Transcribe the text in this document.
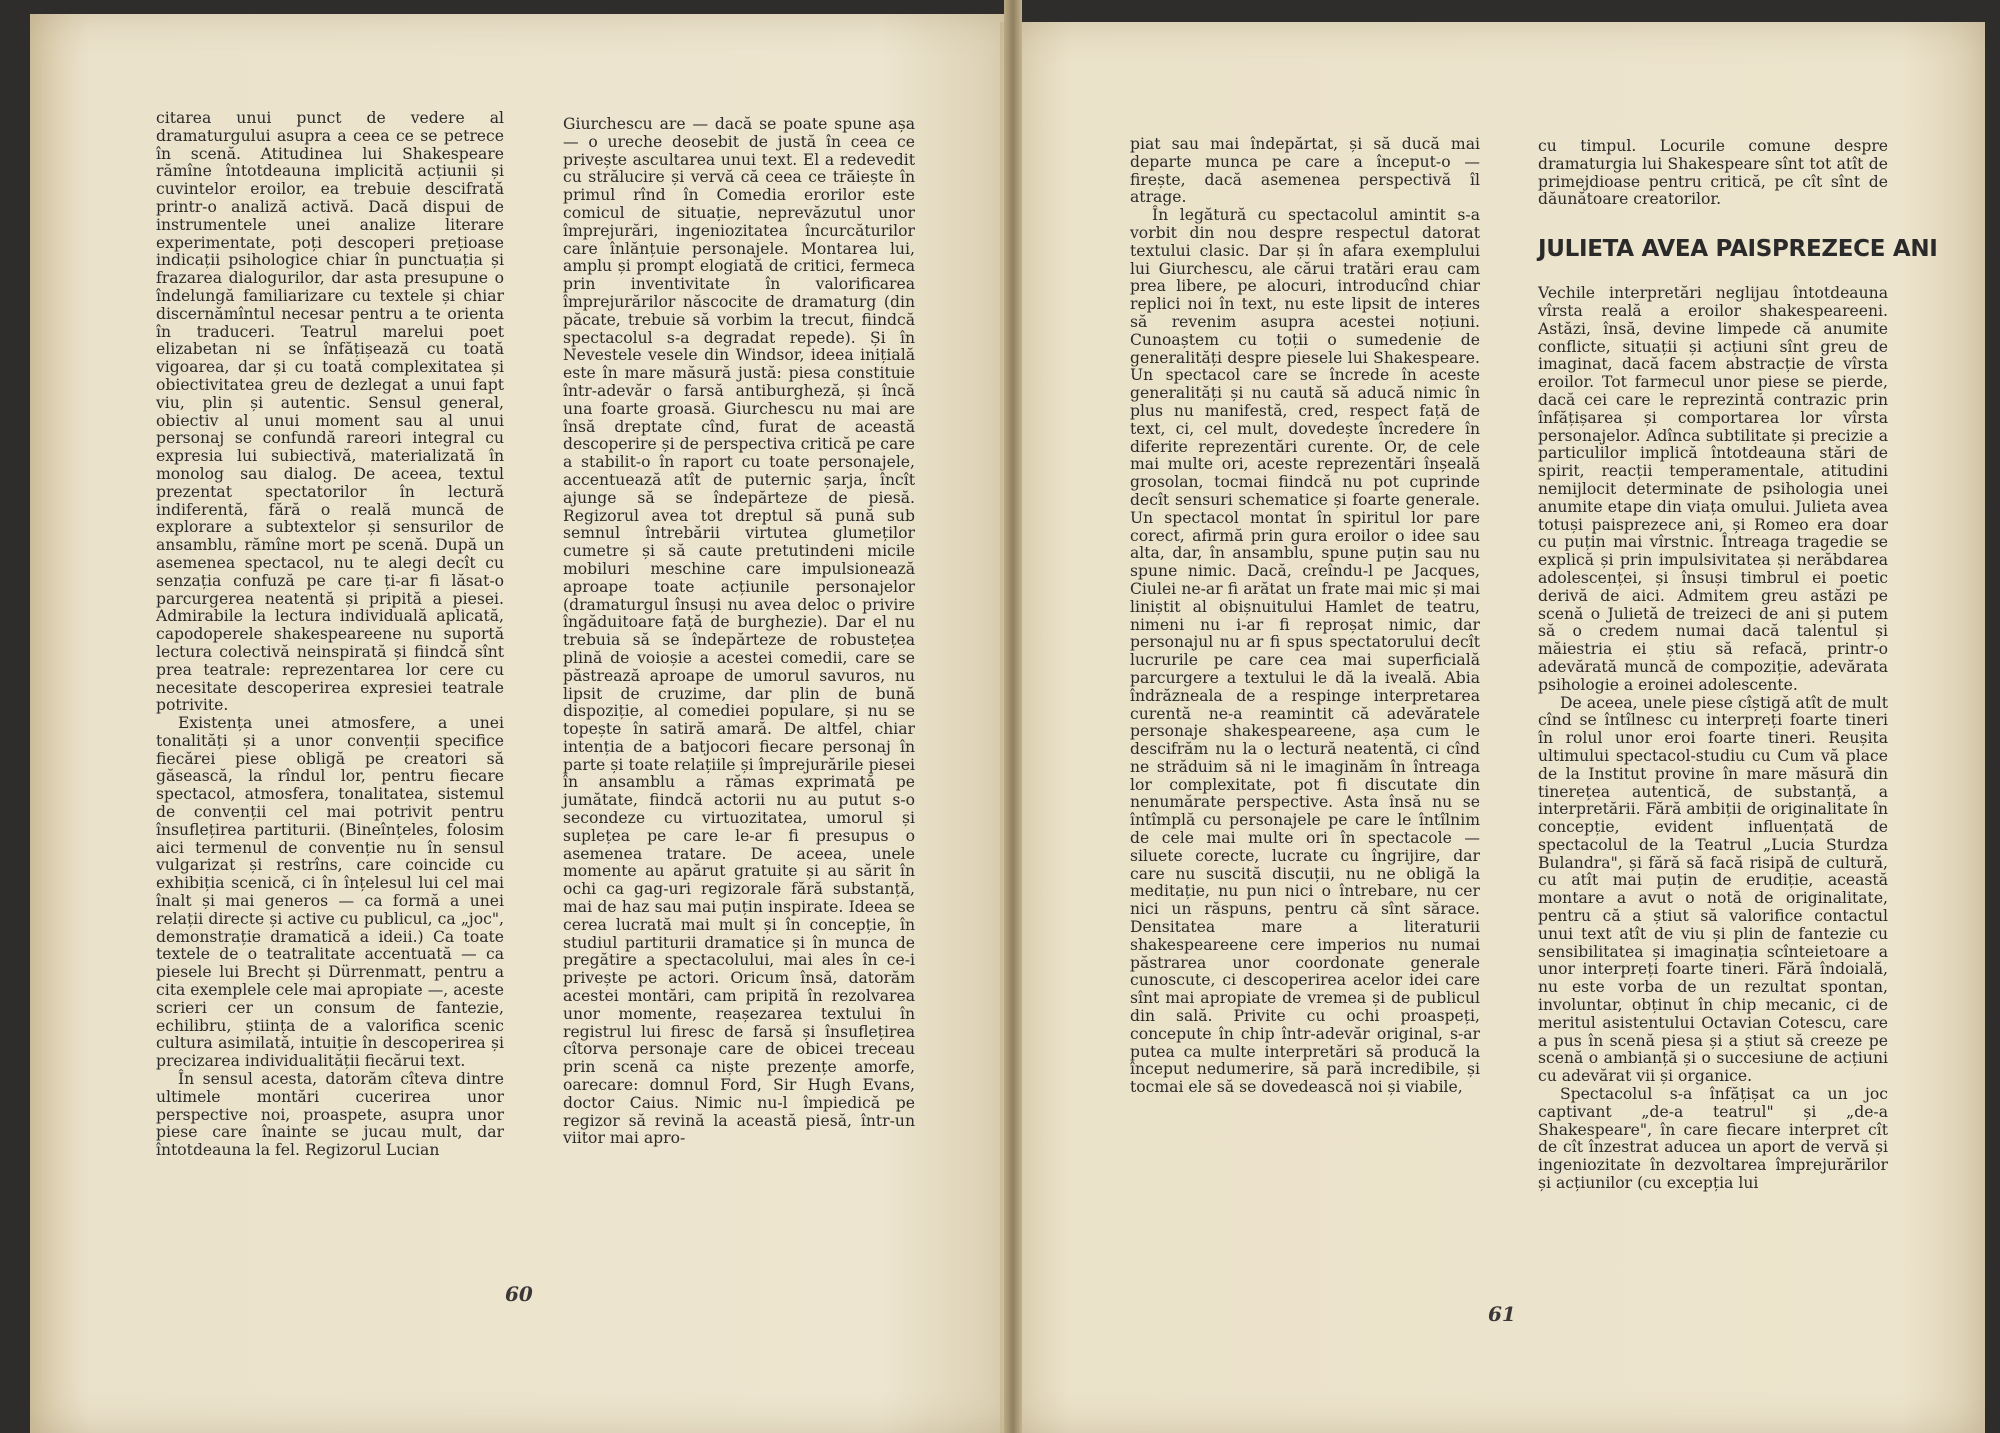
citarea unui punct de vedere al dramaturgului asupra a ceea ce se petrece în scenă. Atitudinea lui Shakespeare rămîne întotdeauna implicită acțiunii și cuvintelor eroilor, ea trebuie descifrată printr-o analiză activă. Dacă dispui de instrumentele unei analize literare experimentate, poți descoperi prețioase indicații psihologice chiar în punctuația și frazarea dialogurilor, dar asta presupune o îndelungă familiarizare cu textele și chiar discernămîntul necesar pentru a te orienta în traduceri. Teatrul marelui poet elizabetan ni se înfățișează cu toată vigoarea, dar și cu toată complexitatea și obiectivitatea greu de dezlegat a unui fapt viu, plin și autentic. Sensul general, obiectiv al unui moment sau al unui personaj se confundă rareori integral cu expresia lui subiectivă, materializată în monolog sau dialog. De aceea, textul prezentat spectatorilor în lectură indiferentă, fără o reală muncă de explorare a subtextelor și sensurilor de ansamblu, rămîne mort pe scenă. După un asemenea spectacol, nu te alegi decît cu senzația confuză pe care ți-ar fi lăsat-o parcurgerea neatentă și pripită a piesei. Admirabile la lectura individuală aplicată, capodoperele shakespeareene nu suportă lectura colectivă neinspirată și fiindcă sînt prea teatrale: reprezentarea lor cere cu necesitate descoperirea expresiei teatrale potrivite.

Existența unei atmosfere, a unei tonalități și a unor convenții specifice fiecărei piese obligă pe creatori să găsească, la rîndul lor, pentru fiecare spectacol, atmosfera, tonalitatea, sistemul de convenții cel mai potrivit pentru însuflețirea partiturii. (Bineînțeles, folosim aici termenul de convenție nu în sensul vulgarizat și restrîns, care coincide cu exhibiția scenică, ci în înțelesul lui cel mai înalt și mai generos — ca formă a unei relații directe și active cu publicul, ca „joc", demonstrație dramatică a ideii.) Ca toate textele de o teatralitate accentuată — ca piesele lui Brecht și Dürrenmatt, pentru a cita exemplele cele mai apropiate —, aceste scrieri cer un consum de fantezie, echilibru, știința de a valorifica scenic cultura asimilată, intuiție în descoperirea și precizarea individualității fiecărui text.

În sensul acesta, datorăm cîteva dintre ultimele montări cucerirea unor perspective noi, proaspete, asupra unor piese care înainte se jucau mult, dar întotdeauna la fel. Regizorul Lucian

Giurchescu are — dacă se poate spune așa — o ureche deosebit de justă în ceea ce privește ascultarea unui text. El a redevedit cu strălucire și vervă că ceea ce trăiește în primul rînd în Comedia erorilor este comicul de situație, neprevăzutul unor împrejurări, ingeniozitatea încurcăturilor care înlănțuie personajele. Montarea lui, amplu și prompt elogiată de critici, fermeca prin inventivitate în valorificarea împrejurărilor născocite de dramaturg (din păcate, trebuie să vorbim la trecut, fiindcă spectacolul s-a degradat repede). Și în Nevestele vesele din Windsor, ideea inițială este în mare măsură justă: piesa constituie într-adevăr o farsă antiburgheză, și încă una foarte groasă. Giurchescu nu mai are însă dreptate cînd, furat de această descoperire și de perspectiva critică pe care a stabilit-o în raport cu toate personajele, accentuează atît de puternic șarja, încît ajunge să se îndepărteze de piesă. Regizorul avea tot dreptul să pună sub semnul întrebării virtutea glumeților cumetre și să caute pretutindeni micile mobiluri meschine care impulsionează aproape toate acțiunile personajelor (dramaturgul însuși nu avea deloc o privire îngăduitoare față de burghezie). Dar el nu trebuia să se îndepărteze de robustețea plină de voioșie a acestei comedii, care se păstrează aproape de umorul savuros, nu lipsit de cruzime, dar plin de bună dispoziție, al comediei populare, și nu se topește în satiră amară. De altfel, chiar intenția de a batjocori fiecare personaj în parte și toate relațiile și împrejurările piesei în ansamblu a rămas exprimată pe jumătate, fiindcă actorii nu au putut s-o secondeze cu virtuozitatea, umorul și suplețea pe care le-ar fi presupus o asemenea tratare. De aceea, unele momente au apărut gratuite și au sărit în ochi ca gag-uri regizorale fără substanță, mai de haz sau mai puțin inspirate. Ideea se cerea lucrată mai mult și în concepție, în studiul partiturii dramatice și în munca de pregătire a spectacolului, mai ales în ce-i privește pe actori. Oricum însă, datorăm acestei montări, cam pripită în rezolvarea unor momente, reașezarea textului în registrul lui firesc de farsă și însuflețirea cîtorva personaje care de obicei treceau prin scenă ca niște prezențe amorfe, oarecare: domnul Ford, Sir Hugh Evans, doctor Caius. Nimic nu-l împiedică pe regizor să revină la această piesă, într-un viitor mai apro-

60

piat sau mai îndepărtat, și să ducă mai departe munca pe care a început-o — firește, dacă asemenea perspectivă îl atrage.

În legătură cu spectacolul amintit s-a vorbit din nou despre respectul datorat textului clasic. Dar și în afara exemplului lui Giurchescu, ale cărui tratări erau cam prea libere, pe alocuri, introducînd chiar replici noi în text, nu este lipsit de interes să revenim asupra acestei noțiuni. Cunoaștem cu toții o sumedenie de generalități despre piesele lui Shakespeare. Un spectacol care se încrede în aceste generalități și nu caută să aducă nimic în plus nu manifestă, cred, respect față de text, ci, cel mult, dovedește încredere în diferite reprezentări curente. Or, de cele mai multe ori, aceste reprezentări înșeală grosolan, tocmai fiindcă nu pot cuprinde decît sensuri schematice și foarte generale. Un spectacol montat în spiritul lor pare corect, afirmă prin gura eroilor o idee sau alta, dar, în ansamblu, spune puțin sau nu spune nimic. Dacă, creîndu-l pe Jacques, Ciulei ne-ar fi arătat un frate mai mic și mai liniștit al obișnuitului Hamlet de teatru, nimeni nu i-ar fi reproșat nimic, dar personajul nu ar fi spus spectatorului decît lucrurile pe care cea mai superficială parcurgere a textului le dă la iveală. Abia îndrăzneala de a respinge interpretarea curentă ne-a reamintit că adevăratele personaje shakespeareene, așa cum le descifrăm nu la o lectură neatentă, ci cînd ne străduim să ni le imaginăm în întreaga lor complexitate, pot fi discutate din nenumărate perspective. Asta însă nu se întîmplă cu personajele pe care le întîlnim de cele mai multe ori în spectacole — siluete corecte, lucrate cu îngrijire, dar care nu suscită discuții, nu ne obligă la meditație, nu pun nici o întrebare, nu cer nici un răspuns, pentru că sînt sărace. Densitatea mare a literaturii shakespeareene cere imperios nu numai păstrarea unor coordonate generale cunoscute, ci descoperirea acelor idei care sînt mai apropiate de vremea și de publicul din sală. Privite cu ochi proaspeți, concepute în chip într-adevăr original, s-ar putea ca multe interpretări să producă la început nedumerire, să pară incredibile, și tocmai ele să se dovedească noi și viabile,

cu timpul. Locurile comune despre dramaturgia lui Shakespeare sînt tot atît de primejdioase pentru critică, pe cît sînt de dăunătoare creatorilor.

JULIETA AVEA PAISPREZECE ANI

Vechile interpretări neglijau întotdeauna vîrsta reală a eroilor shakespeareeni. Astăzi, însă, devine limpede că anumite conflicte, situații și acțiuni sînt greu de imaginat, dacă facem abstracție de vîrsta eroilor. Tot farmecul unor piese se pierde, dacă cei care le reprezintă contrazic prin înfățișarea și comportarea lor vîrsta personajelor. Adînca subtilitate și precizie a particulilor implică întotdeauna stări de spirit, reacții temperamentale, atitudini nemijlocit determinate de psihologia unei anumite etape din viața omului. Julieta avea totuși paisprezece ani, și Romeo era doar cu puțin mai vîrstnic. Întreaga tragedie se explică și prin impulsivitatea și nerăbdarea adolescenței, și însuși timbrul ei poetic derivă de aici. Admitem greu astăzi pe scenă o Julietă de treizeci de ani și putem să o credem numai dacă talentul și măiestria ei știu să refacă, printr-o adevărată muncă de compoziție, adevărata psihologie a eroinei adolescente.

De aceea, unele piese cîștigă atît de mult cînd se întîlnesc cu interpreți foarte tineri în rolul unor eroi foarte tineri. Reușita ultimului spectacol-studiu cu Cum vă place de la Institut provine în mare măsură din tinerețea autentică, de substanță, a interpretării. Fără ambiții de originalitate în concepție, evident influențată de spectacolul de la Teatrul „Lucia Sturdza Bulandra", și fără să facă risipă de cultură, cu atît mai puțin de erudiție, această montare a avut o notă de originalitate, pentru că a știut să valorifice contactul unui text atît de viu și plin de fantezie cu sensibilitatea și imaginația scînteietoare a unor interpreți foarte tineri. Fără îndoială, nu este vorba de un rezultat spontan, involuntar, obținut în chip mecanic, ci de meritul asistentului Octavian Cotescu, care a pus în scenă piesa și a știut să creeze pe scenă o ambianță și o succesiune de acțiuni cu adevărat vii și organice.

Spectacolul s-a înfățișat ca un joc captivant „de-a teatrul" și „de-a Shakespeare", în care fiecare interpret cît de cît înzestrat aducea un aport de vervă și ingeniozitate în dezvoltarea împrejurărilor și acțiunilor (cu excepția lui

61
